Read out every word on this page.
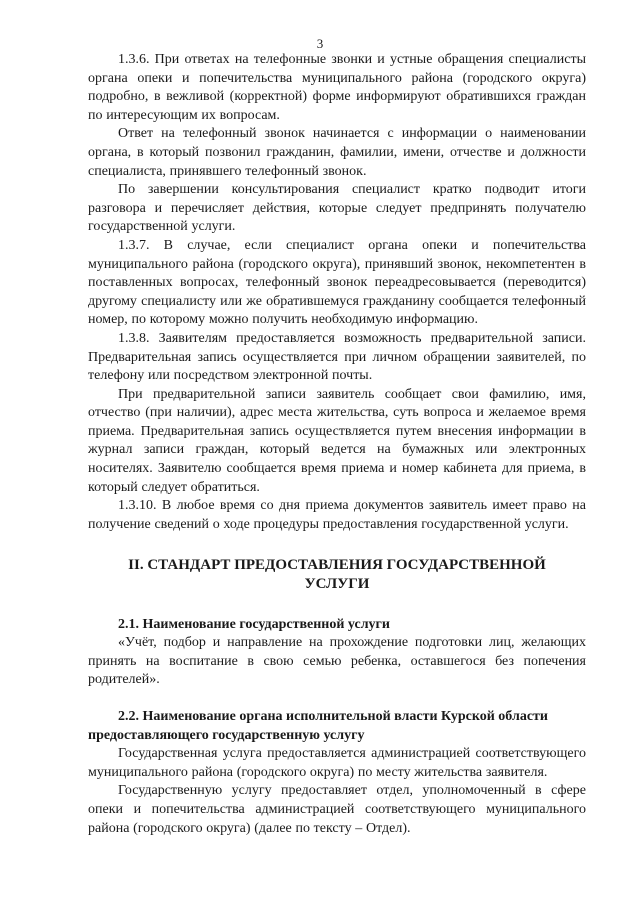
3

1.3.6. При ответах на телефонные звонки и устные обращения специалисты органа опеки и попечительства муниципального района (городского округа) подробно, в вежливой (корректной) форме информируют обратившихся граждан по интересующим их вопросам.

Ответ на телефонный звонок начинается с информации о наименовании органа, в который позвонил гражданин, фамилии, имени, отчестве и должности специалиста, принявшего телефонный звонок.

По завершении консультирования специалист кратко подводит итоги разговора и перечисляет действия, которые следует предпринять получателю государственной услуги.

1.3.7. В случае, если специалист органа опеки и попечительства муниципального района (городского округа), принявший звонок, некомпетентен в поставленных вопросах, телефонный звонок переадресовывается (переводится) другому специалисту или же обратившемуся гражданину сообщается телефонный номер, по которому можно получить необходимую информацию.

1.3.8. Заявителям предоставляется возможность предварительной записи. Предварительная запись осуществляется при личном обращении заявителей, по телефону или посредством электронной почты.

При предварительной записи заявитель сообщает свои фамилию, имя, отчество (при наличии), адрес места жительства, суть вопроса и желаемое время приема. Предварительная запись осуществляется путем внесения информации в журнал записи граждан, который ведется на бумажных или электронных носителях. Заявителю сообщается время приема и номер кабинета для приема, в который следует обратиться.

1.3.10. В любое время со дня приема документов заявитель имеет право на получение сведений о ходе процедуры предоставления государственной услуги.

II. СТАНДАРТ ПРЕДОСТАВЛЕНИЯ ГОСУДАРСТВЕННОЙ УСЛУГИ

2.1. Наименование государственной услуги

«Учёт, подбор и направление на прохождение подготовки лиц, желающих принять на воспитание в свою семью ребенка, оставшегося без попечения родителей».

2.2. Наименование органа исполнительной власти Курской области предоставляющего государственную услугу

Государственная услуга предоставляется администрацией соответствующего муниципального района (городского округа) по месту жительства заявителя.

Государственную услугу предоставляет отдел, уполномоченный в сфере опеки и попечительства администрацией соответствующего муниципального района (городского округа) (далее по тексту – Отдел).
